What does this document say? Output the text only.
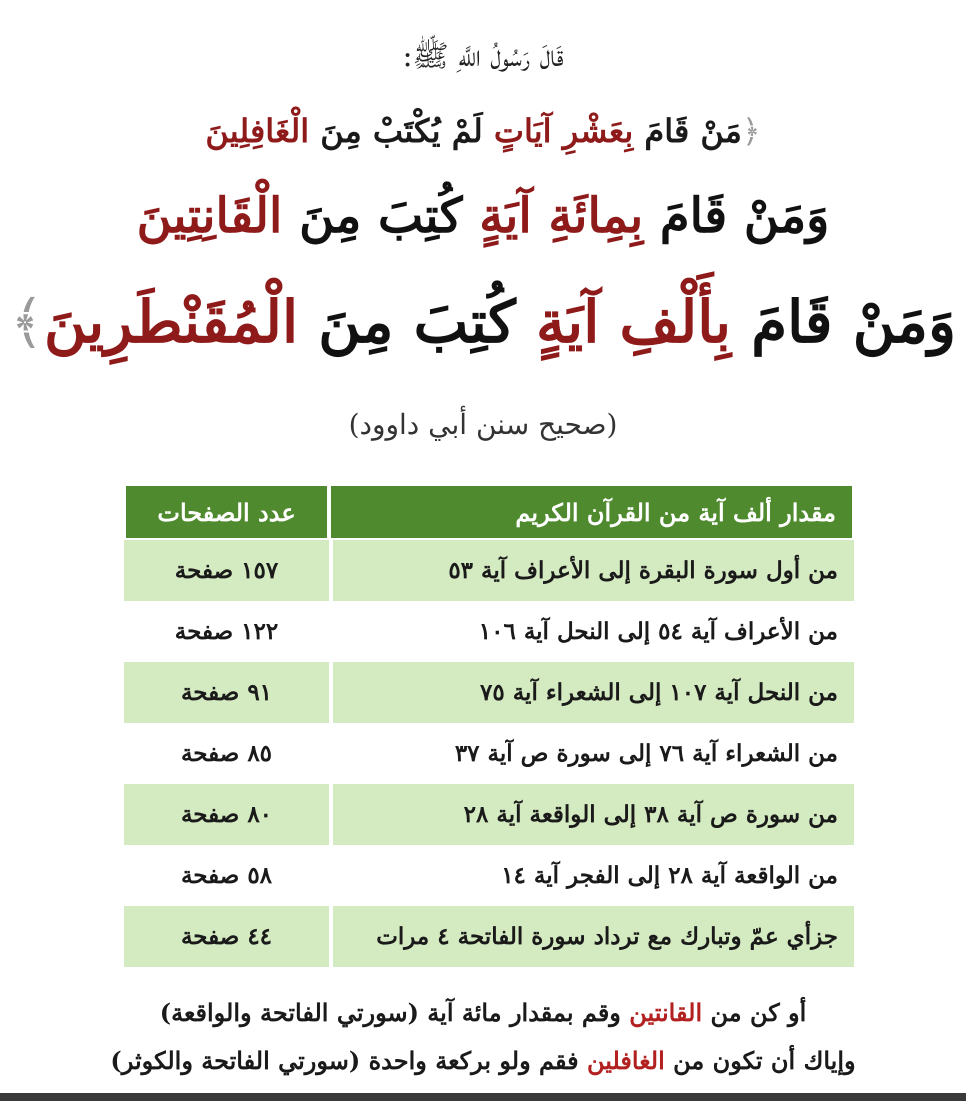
قَالَ رَسُولُ اللَّهِ ﷺ:
﴿مَنْ قَامَ بِعَشْرِ آيَاتٍ لَمْ يُكْتَبْ مِنَ الْغَافِلِينَ
وَمَنْ قَامَ بِمِائَةِ آيَةٍ كُتِبَ مِنَ الْقَانِتِينَ
وَمَنْ قَامَ بِأَلْفِ آيَةٍ كُتِبَ مِنَ الْمُقَنْطَرِينَ﴾
(صحيح سنن أبي داوود)
مقدار ألف آية من القرآن الكريم	عدد الصفحات
من أول سورة البقرة إلى الأعراف آية ٥٣	١٥٧ صفحة
من الأعراف آية ٥٤ إلى النحل آية ١٠٦	١٢٢ صفحة
من النحل آية ١٠٧ إلى الشعراء آية ٧٥	٩١ صفحة
من الشعراء آية ٧٦ إلى سورة ص آية ٣٧	٨٥ صفحة
من سورة ص آية ٣٨ إلى الواقعة آية ٢٨	٨٠ صفحة
من الواقعة آية ٢٨ إلى الفجر آية ١٤	٥٨ صفحة
جزأي عمّ وتبارك مع ترداد سورة الفاتحة ٤ مرات	٤٤ صفحة
أو كن من القانتين وقم بمقدار مائة آية (سورتي الفاتحة والواقعة)
وإياك أن تكون من الغافلين فقم ولو بركعة واحدة (سورتي الفاتحة والكوثر)
